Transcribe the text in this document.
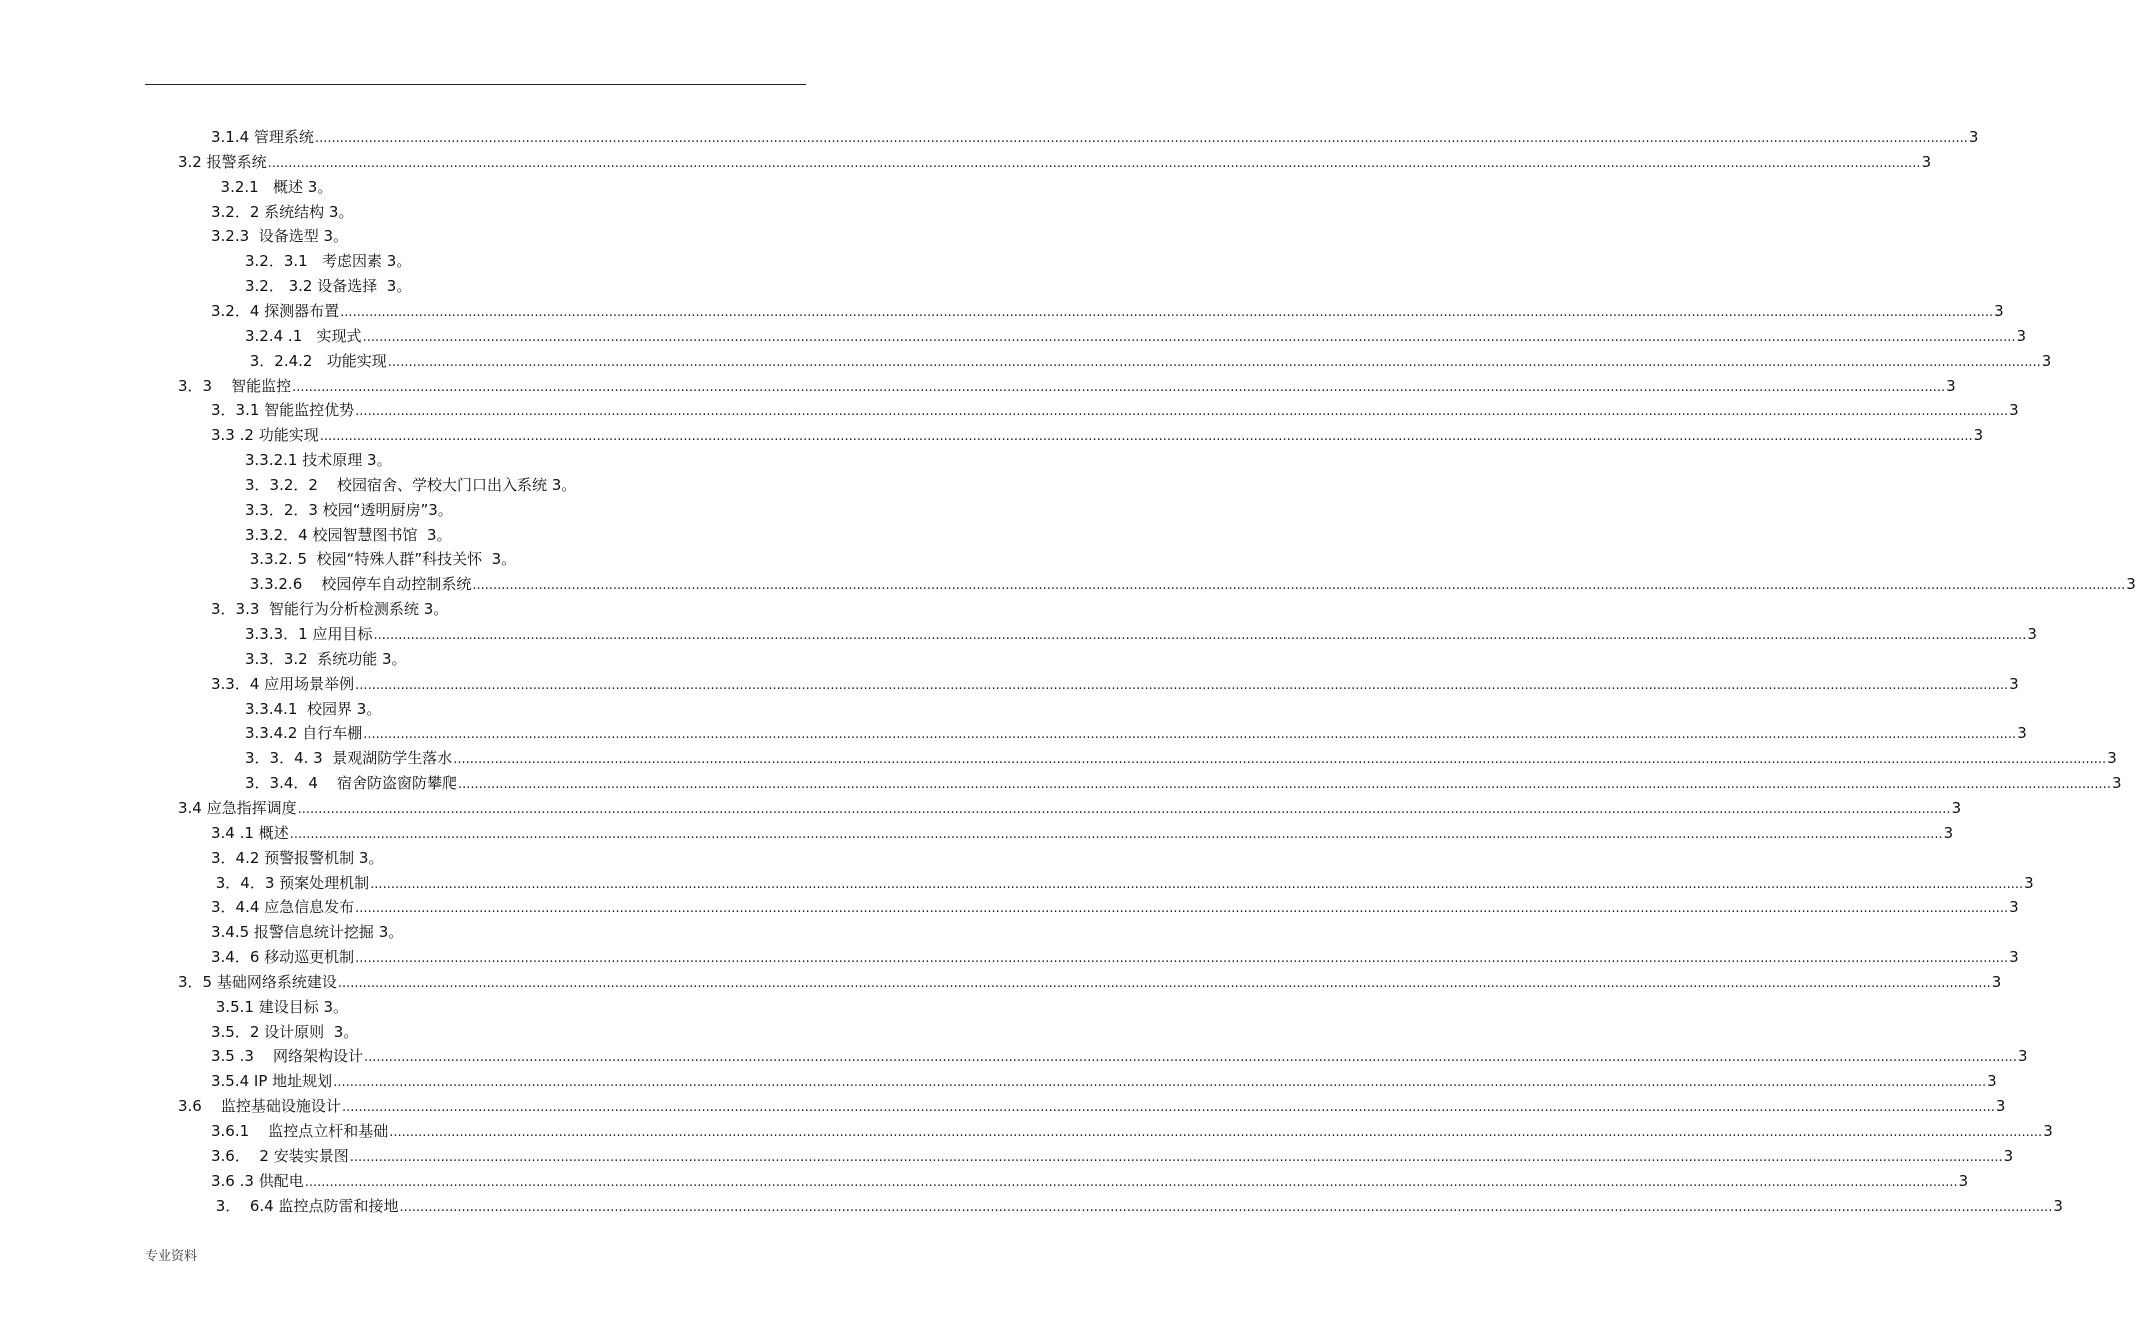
3.1.4 管理系统 ................................................................................................................................................................................................................................................................................................................................................................................................................ 3
3.2 报警系统 ................................................................................................................................................................................................................................................................................................................................................................................................................ 3
3.2.1   概述 3。
3.2．2 系统结构 3。
3.2.3  设备选型 3。
3.2．3.1   考虑因素 3。
3.2． 3.2 设备选择  3。
3.2．4 探测器布置 ................................................................................................................................................................................................................................................................................................................................................................................................................ 3
3.2.4 .1   实现式 ................................................................................................................................................................................................................................................................................................................................................................................................................ 3
3．2.4.2   功能实现 ................................................................................................................................................................................................................................................................................................................................................................................................................ 3
3．3    智能监控 ................................................................................................................................................................................................................................................................................................................................................................................................................ 3
3．3.1 智能监控优势 ................................................................................................................................................................................................................................................................................................................................................................................................................ 3
3.3 .2 功能实现 ................................................................................................................................................................................................................................................................................................................................................................................................................ 3
3.3.2.1 技术原理 3。
3．3.2．2    校园宿舍、学校大门口出入系统 3。
3.3．2．3 校园“透明厨房”3。
3.3.2．4 校园智慧图书馆  3。
3.3.2. 5  校园“特殊人群”科技关怀  3。
3.3.2.6    校园停车自动控制系统 ................................................................................................................................................................................................................................................................................................................................................................................................................ 3
3．3.3  智能行为分析检测系统 3。
3.3.3．1 应用目标 ................................................................................................................................................................................................................................................................................................................................................................................................................ 3
3.3．3.2  系统功能 3。
3.3．4 应用场景举例 ................................................................................................................................................................................................................................................................................................................................................................................................................ 3
3.3.4.1  校园界 3。
3.3.4.2 自行车棚 ................................................................................................................................................................................................................................................................................................................................................................................................................ 3
3．3．4. 3  景观湖防学生落水 ................................................................................................................................................................................................................................................................................................................................................................................................................ 3
3．3.4．4    宿舍防盗窗防攀爬 ................................................................................................................................................................................................................................................................................................................................................................................................................ 3
3.4 应急指挥调度 ................................................................................................................................................................................................................................................................................................................................................................................................................ 3
3.4 .1 概述 ................................................................................................................................................................................................................................................................................................................................................................................................................ 3
3．4.2 预警报警机制 3。
3．4．3 预案处理机制 ................................................................................................................................................................................................................................................................................................................................................................................................................ 3
3．4.4 应急信息发布 ................................................................................................................................................................................................................................................................................................................................................................................................................ 3
3.4.5 报警信息统计挖掘 3。
3.4．6 移动巡更机制 ................................................................................................................................................................................................................................................................................................................................................................................................................ 3
3．5 基础网络系统建设 ................................................................................................................................................................................................................................................................................................................................................................................................................ 3
3.5.1 建设目标 3。
3.5．2 设计原则  3。
3.5 .3    网络架构设计 ................................................................................................................................................................................................................................................................................................................................................................................................................ 3
3.5.4 IP 地址规划 ................................................................................................................................................................................................................................................................................................................................................................................................................ 3
3.6    监控基础设施设计 ................................................................................................................................................................................................................................................................................................................................................................................................................ 3
3.6.1    监控点立杆和基础 ................................................................................................................................................................................................................................................................................................................................................................................................................ 3
3.6．  2 安装实景图 ................................................................................................................................................................................................................................................................................................................................................................................................................ 3
3.6 .3 供配电 ................................................................................................................................................................................................................................................................................................................................................................................................................ 3
3．  6.4 监控点防雷和接地 ................................................................................................................................................................................................................................................................................................................................................................................................................ 3
专业资料
